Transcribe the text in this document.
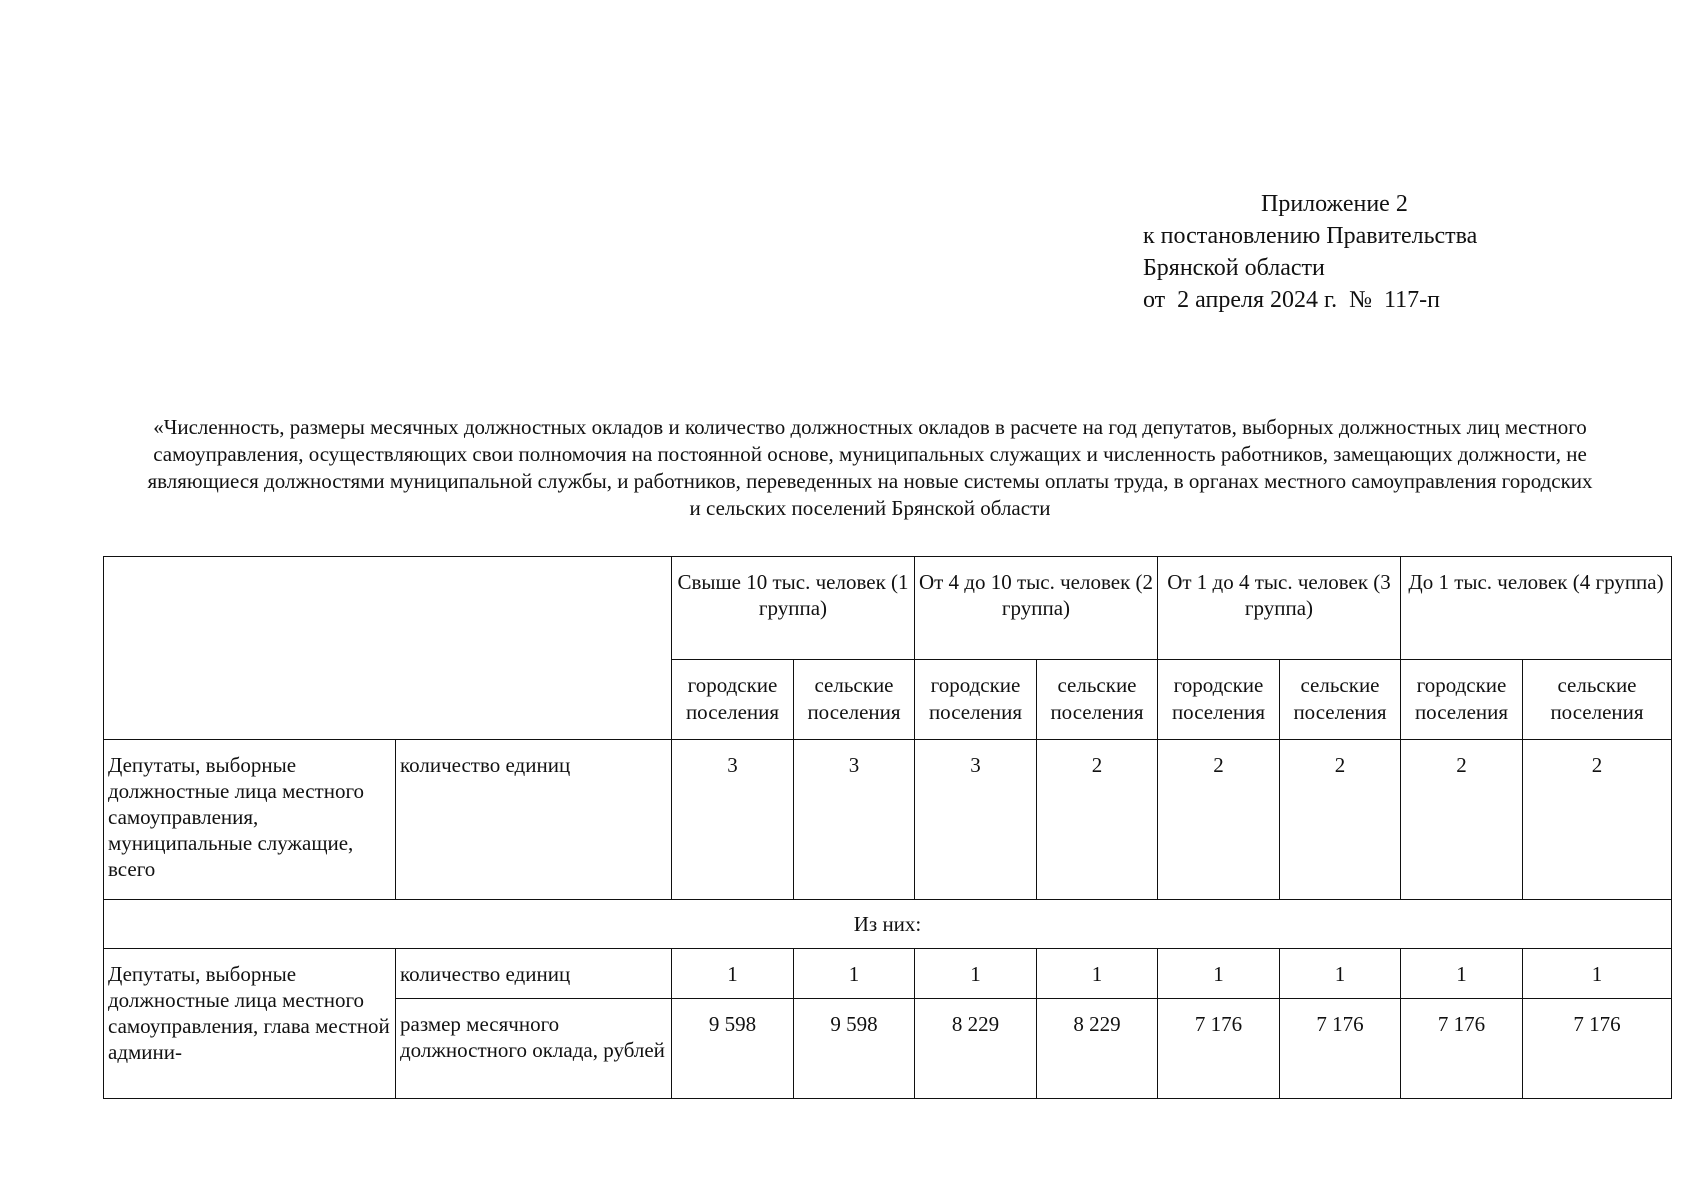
Приложение 2
к постановлению Правительства
Брянской области
от  2 апреля 2024 г.  №  117-п
«Численность, размеры месячных должностных окладов и количество должностных окладов в расчете на год депутатов, выборных должностных лиц местного самоуправления, осуществляющих свои полномочия на постоянной основе, муниципальных служащих и численность работников, замещающих должности, не являющиеся должностями муниципальной службы, и работников, переведенных на новые системы оплаты труда, в органах местного самоуправления городских и сельских поселений Брянской области
		Свыше 10 тыс. человек (1 группа)		От 4 до 10 тыс. человек (2 группа)		От 1 до 4 тыс. человек (3 группа)		До 1 тыс. человек (4 группа)	
		городские поселения	сельские поселения	городские поселения	сельские поселения	городские поселения	сельские поселения	городские поселения	сельские поселения
Депутаты, выборные должностные лица местного самоуправления, муниципальные служащие, всего	количество единиц	3	3	3	2	2	2	2	2
Из них:									
Депутаты, выборные должностные лица местного самоуправления, глава местной админи-	количество единиц	1	1	1	1	1	1	1	1
	размер месячного должностного оклада, рублей	9 598	9 598	8 229	8 229	7 176	7 176	7 176	7 176
